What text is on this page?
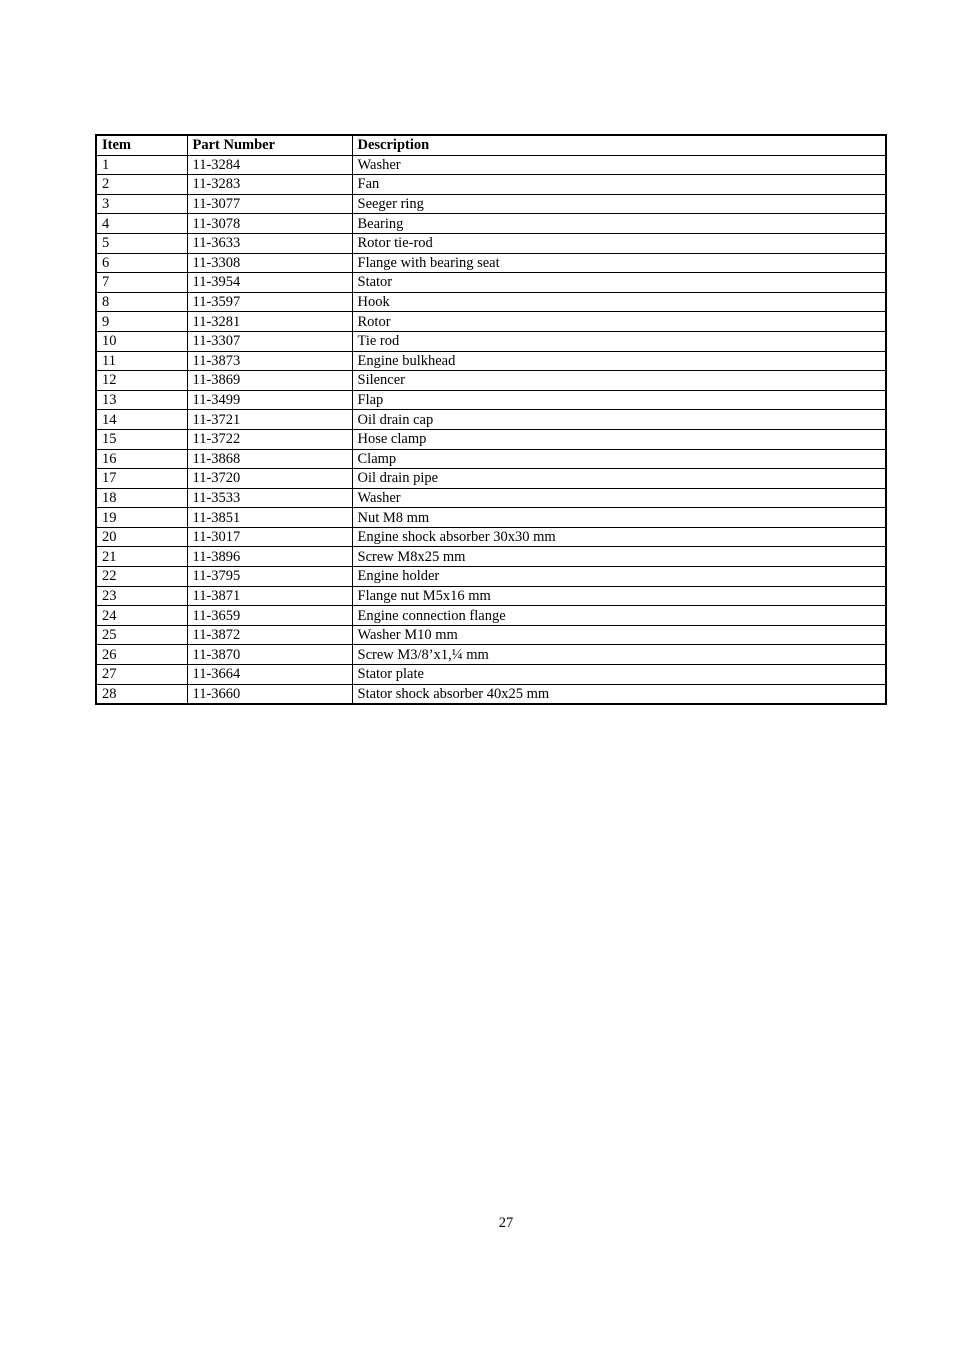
Item	Part Number	Description
1	11-3284	Washer
2	11-3283	Fan
3	11-3077	Seeger ring
4	11-3078	Bearing
5	11-3633	Rotor tie-rod
6	11-3308	Flange with bearing seat
7	11-3954	Stator
8	11-3597	Hook
9	11-3281	Rotor
10	11-3307	Tie rod
11	11-3873	Engine bulkhead
12	11-3869	Silencer
13	11-3499	Flap
14	11-3721	Oil drain cap
15	11-3722	Hose clamp
16	11-3868	Clamp
17	11-3720	Oil drain pipe
18	11-3533	Washer
19	11-3851	Nut M8 mm
20	11-3017	Engine shock absorber 30x30 mm
21	11-3896	Screw M8x25 mm
22	11-3795	Engine holder
23	11-3871	Flange nut M5x16 mm
24	11-3659	Engine connection flange
25	11-3872	Washer M10 mm
26	11-3870	Screw M3/8’x1,¼ mm
27	11-3664	Stator plate
28	11-3660	Stator shock absorber 40x25 mm
27
